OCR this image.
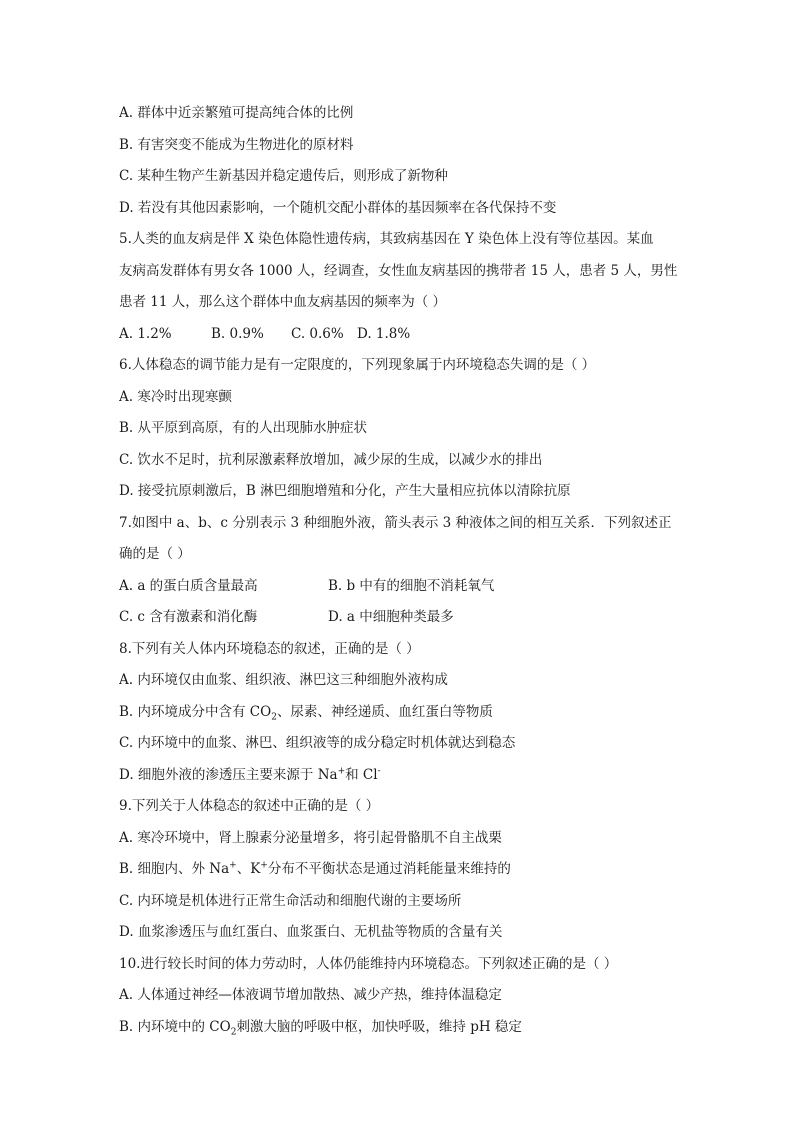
A. 群体中近亲繁殖可提高纯合体的比例
B. 有害突变不能成为生物进化的原材料
C. 某种生物产生新基因并稳定遗传后，则形成了新物种
D. 若没有其他因素影响，一个随机交配小群体的基因频率在各代保持不变
5.人类的血友病是伴 X 染色体隐性遗传病，其致病基因在 Y 染色体上没有等位基因。某血
友病高发群体有男女各 1000 人，经调查，女性血友病基因的携带者 15 人，患者 5 人，男性
患者 11 人，那么这个群体中血友病基因的频率为（ ）
A. 1.2%	B. 0.9% C. 0.6% D. 1.8%
6.人体稳态的调节能力是有一定限度的，下列现象属于内环境稳态失调的是（ ）
A. 寒冷时出现寒颤
B. 从平原到高原，有的人出现肺水肿症状
C. 饮水不足时，抗利尿激素释放增加，减少尿的生成，以减少水的排出
D. 接受抗原刺激后，B 淋巴细胞增殖和分化，产生大量相应抗体以清除抗原
7.如图中 a、b、c 分别表示 3 种细胞外液，箭头表示 3 种液体之间的相互关系．下列叙述正
确的是（ ）
A. a 的蛋白质含量最高	B. b 中有的细胞不消耗氧气
C. c 含有激素和消化酶	D. a 中细胞种类最多
8.下列有关人体内环境稳态的叙述，正确的是（ ）
A. 内环境仅由血浆、组织液、淋巴这三种细胞外液构成
B. 内环境成分中含有 $CO_2$、尿素、神经递质、血红蛋白等物质
C. 内环境中的血浆、淋巴、组织液等的成分稳定时机体就达到稳态
D. 细胞外液的渗透压主要来源于 Na+和 Cl-
9.下列关于人体稳态的叙述中正确的是（ ）
A. 寒冷环境中，肾上腺素分泌量增多，将引起骨骼肌不自主战栗
B. 细胞内、外 Na+、K+分布不平衡状态是通过消耗能量来维持的
C. 内环境是机体进行正常生命活动和细胞代谢的主要场所
D. 血浆渗透压与血红蛋白、血浆蛋白、无机盐等物质的含量有关
10.进行较长时间的体力劳动时，人体仍能维持内环境稳态。下列叙述正确的是（ ）
A. 人体通过神经—体液调节增加散热、减少产热，维持体温稳定
B. 内环境中的 $CO_2$刺激大脑的呼吸中枢，加快呼吸，维持 pH 稳定
